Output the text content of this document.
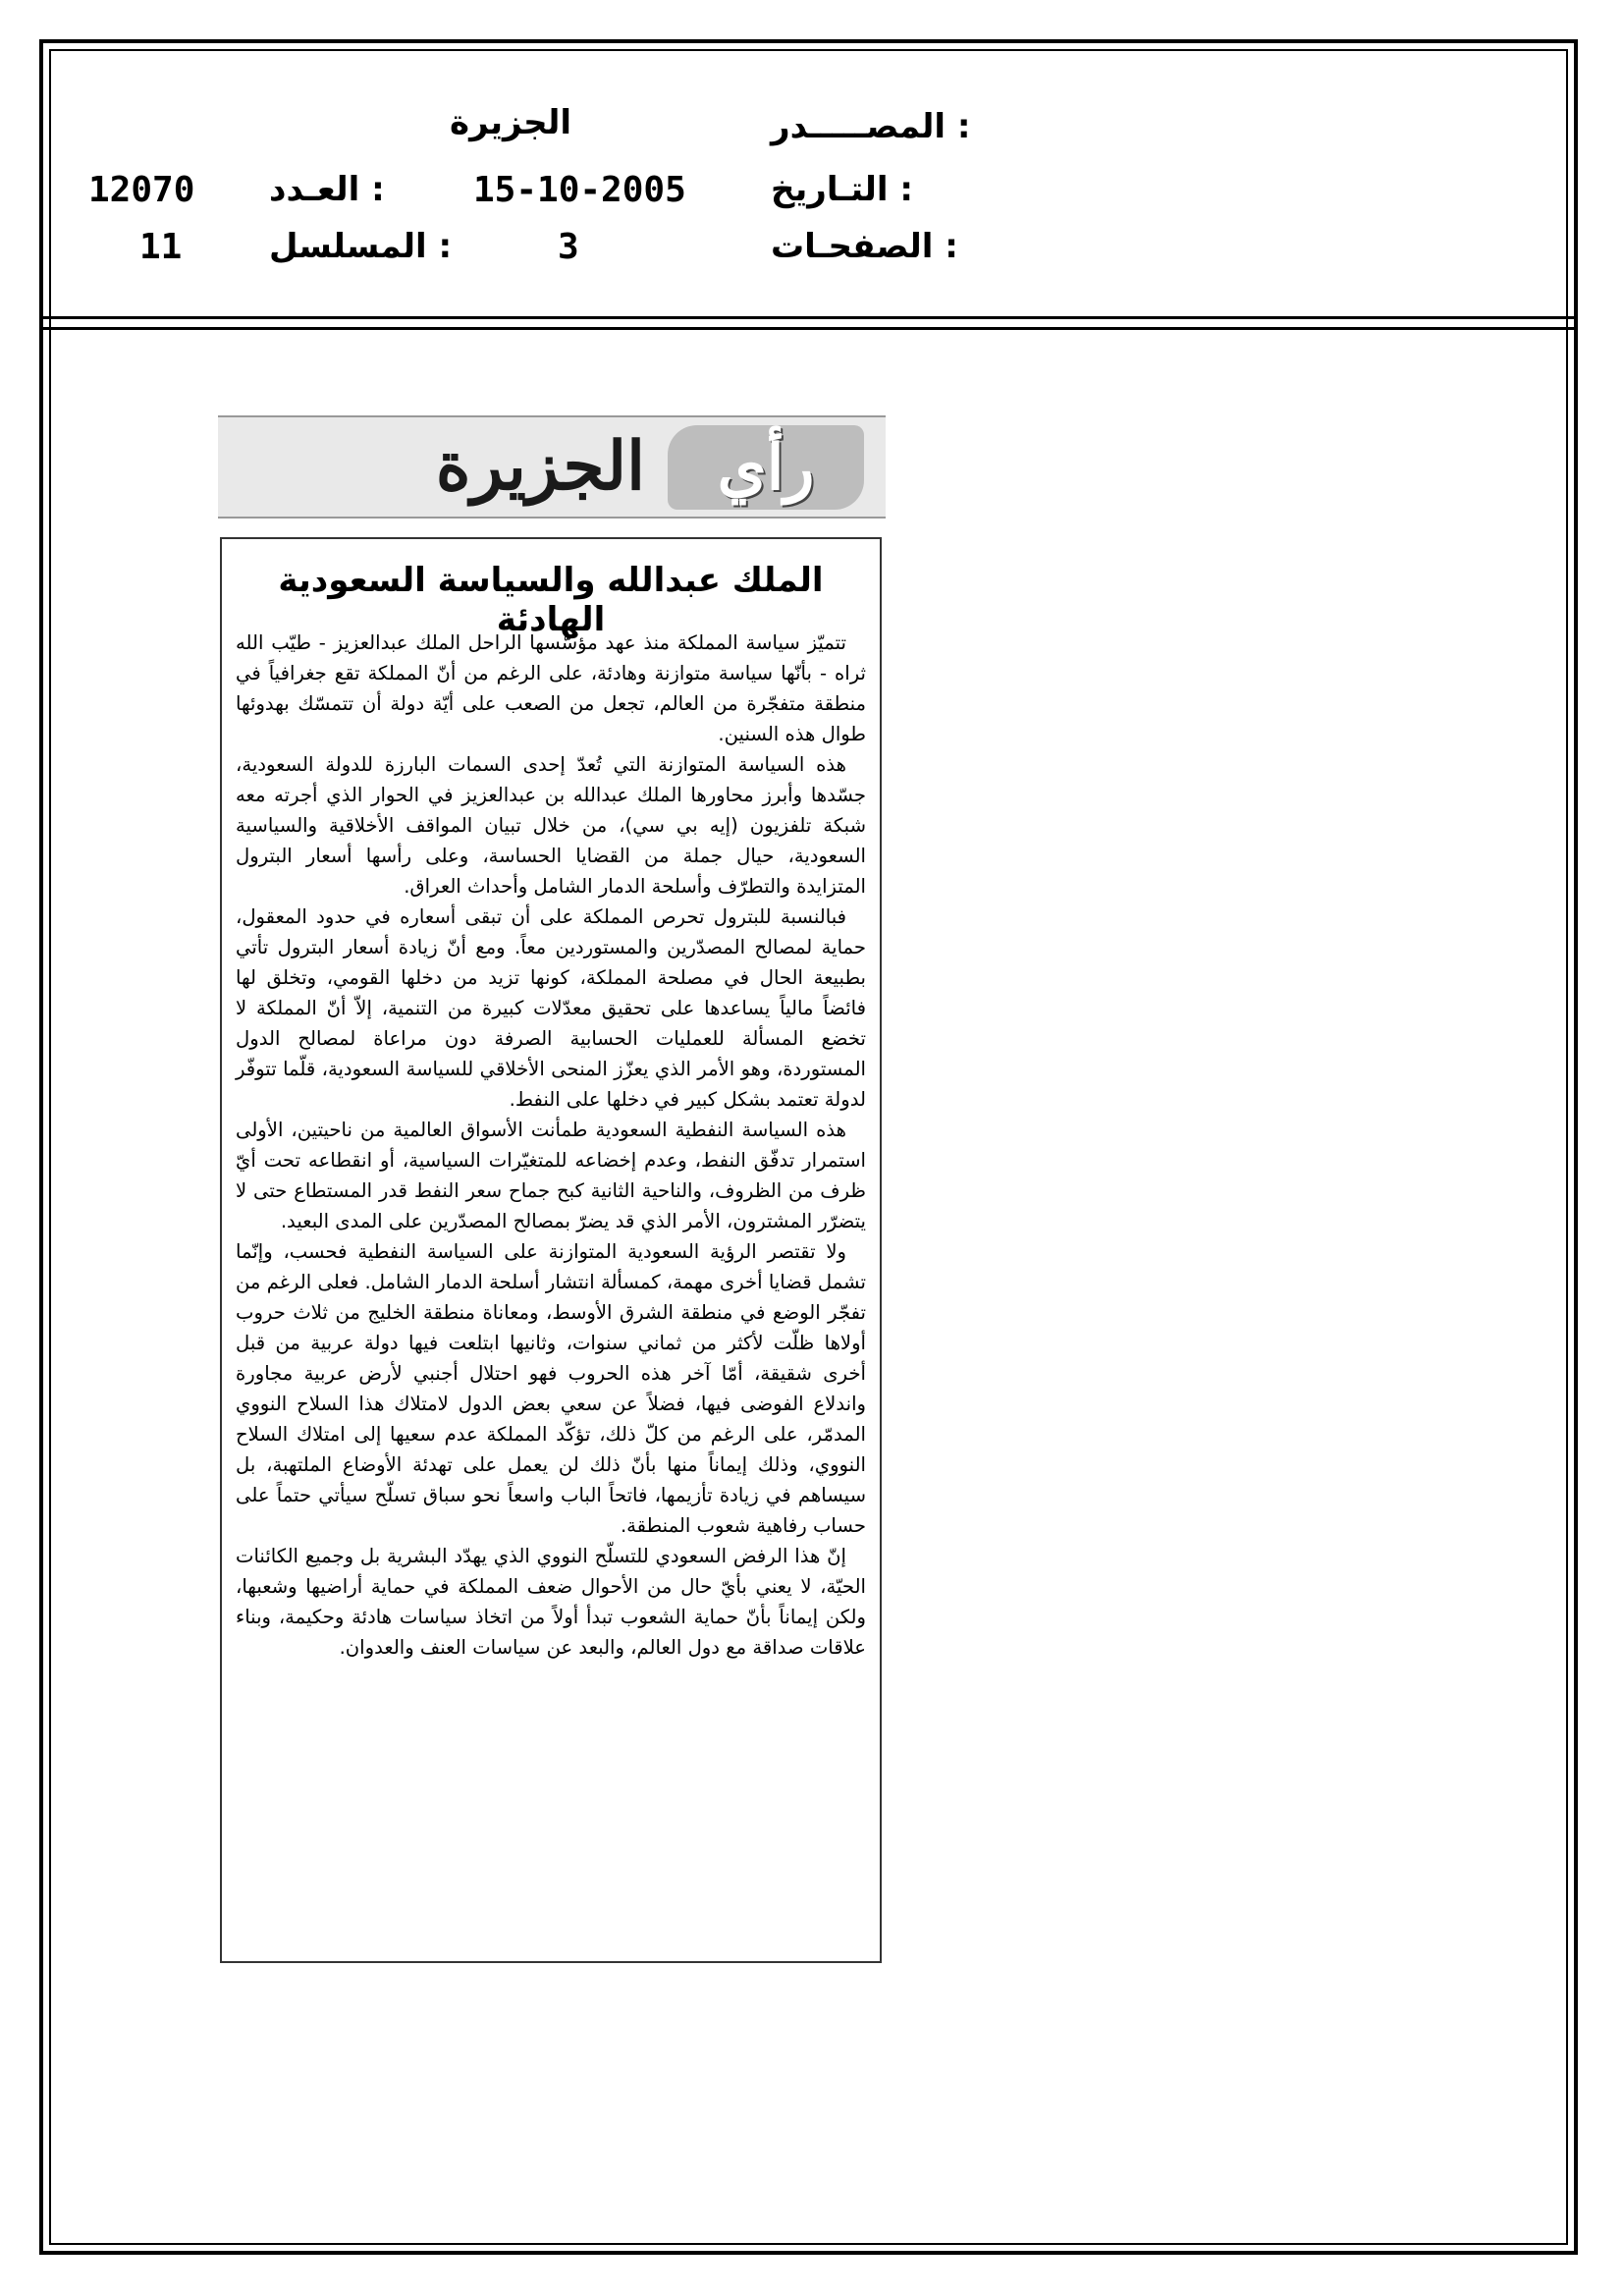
المصـــــدر :
الجزيرة
التـاريخ :
15-10-2005
العـدد :
12070
الصفحـات :
3
المسلسل :
11
رأي
الجزيرة
الملك عبدالله والسياسة السعودية الهادئة

تتميّز سياسة المملكة منذ عهد مؤسّسها الراحل الملك عبدالعزيز - طيّب الله ثراه - بأنّها سياسة متوازنة وهادئة، على الرغم من أنّ المملكة تقع جغرافياً في منطقة متفجّرة من العالم، تجعل من الصعب على أيّة دولة أن تتمسّك بهدوئها طوال هذه السنين.

هذه السياسة المتوازنة التي تُعدّ إحدى السمات البارزة للدولة السعودية، جسّدها وأبرز محاورها الملك عبدالله بن عبدالعزيز في الحوار الذي أجرته معه شبكة تلفزيون (إيه بي سي)، من خلال تبيان المواقف الأخلاقية والسياسية السعودية، حيال جملة من القضايا الحساسة، وعلى رأسها أسعار البترول المتزايدة والتطرّف وأسلحة الدمار الشامل وأحداث العراق.

فبالنسبة للبترول تحرص المملكة على أن تبقى أسعاره في حدود المعقول، حماية لمصالح المصدّرين والمستوردين معاً. ومع أنّ زيادة أسعار البترول تأتي بطبيعة الحال في مصلحة المملكة، كونها تزيد من دخلها القومي، وتخلق لها فائضاً مالياً يساعدها على تحقيق معدّلات كبيرة من التنمية، إلاّ أنّ المملكة لا تخضع المسألة للعمليات الحسابية الصرفة دون مراعاة لمصالح الدول المستوردة، وهو الأمر الذي يعزّز المنحى الأخلاقي للسياسة السعودية، قلّما تتوفّر لدولة تعتمد بشكل كبير في دخلها على النفط.

هذه السياسة النفطية السعودية طمأنت الأسواق العالمية من ناحيتين، الأولى استمرار تدفّق النفط، وعدم إخضاعه للمتغيّرات السياسية، أو انقطاعه تحت أيّ ظرف من الظروف، والناحية الثانية كبح جماح سعر النفط قدر المستطاع حتى لا يتضرّر المشترون، الأمر الذي قد يضرّ بمصالح المصدّرين على المدى البعيد.

ولا تقتصر الرؤية السعودية المتوازنة على السياسة النفطية فحسب، وإنّما تشمل قضايا أخرى مهمة، كمسألة انتشار أسلحة الدمار الشامل. فعلى الرغم من تفجّر الوضع في منطقة الشرق الأوسط، ومعاناة منطقة الخليج من ثلاث حروب أولاها ظلّت لأكثر من ثماني سنوات، وثانيها ابتلعت فيها دولة عربية من قبل أخرى شقيقة، أمّا آخر هذه الحروب فهو احتلال أجنبي لأرض عربية مجاورة واندلاع الفوضى فيها، فضلاً عن سعي بعض الدول لامتلاك هذا السلاح النووي المدمّر، على الرغم من كلّ ذلك، تؤكّد المملكة عدم سعيها إلى امتلاك السلاح النووي، وذلك إيماناً منها بأنّ ذلك لن يعمل على تهدئة الأوضاع الملتهبة، بل سيساهم في زيادة تأزيمها، فاتحاً الباب واسعاً نحو سباق تسلّح سيأتي حتماً على حساب رفاهية شعوب المنطقة.

إنّ هذا الرفض السعودي للتسلّح النووي الذي يهدّد البشرية بل وجميع الكائنات الحيّة، لا يعني بأيّ حال من الأحوال ضعف المملكة في حماية أراضيها وشعبها، ولكن إيماناً بأنّ حماية الشعوب تبدأ أولاً من اتخاذ سياسات هادئة وحكيمة، وبناء علاقات صداقة مع دول العالم، والبعد عن سياسات العنف والعدوان.
